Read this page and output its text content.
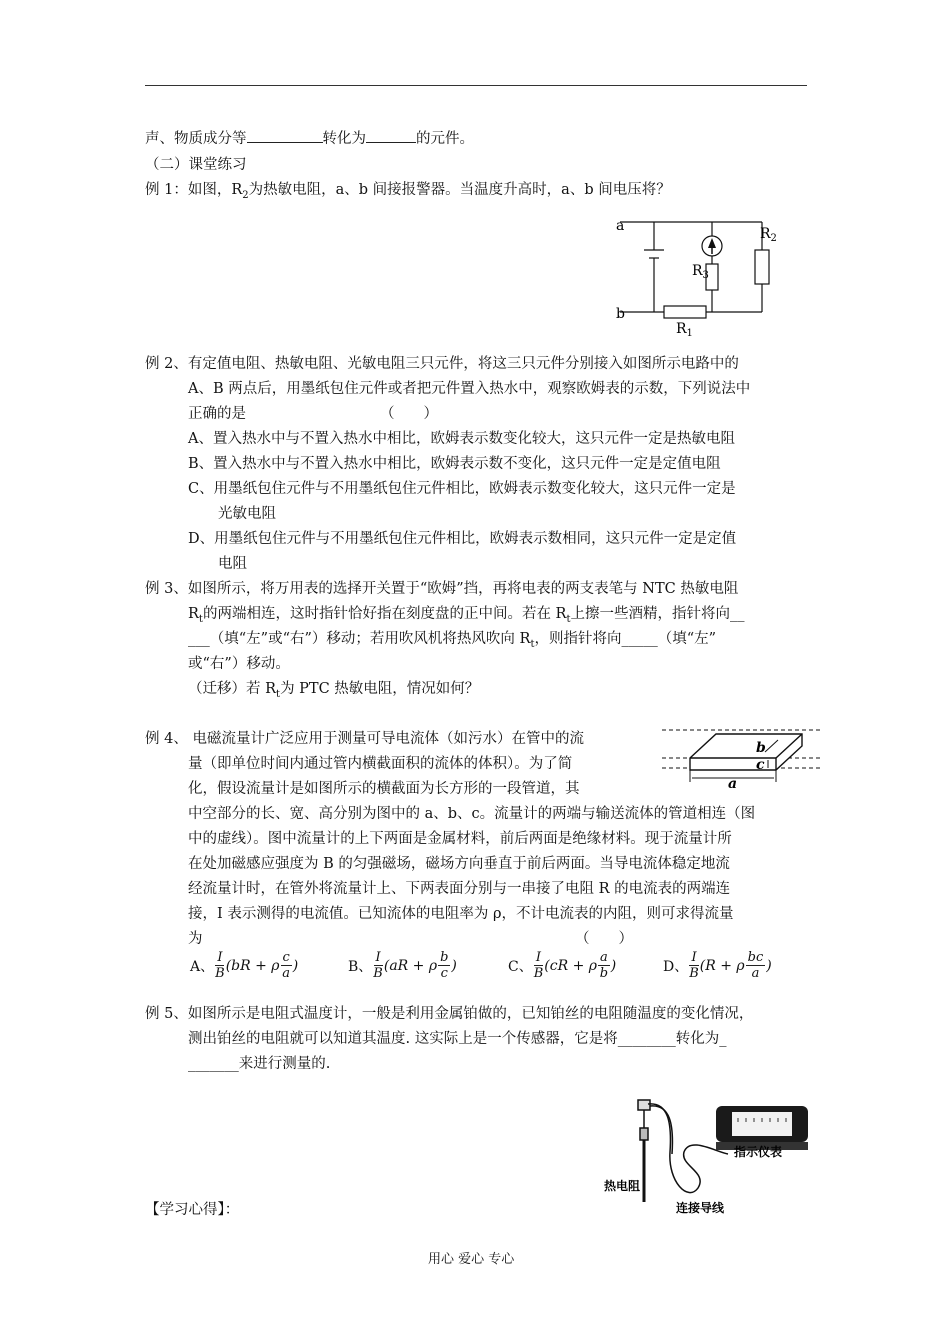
声、物质成分等	转化为	的元件。
（二）课堂练习
例 1：如图，$R_2$为热敏电阻，a、b 间接报警器。当温度升高时，a、b 间电压将？
a
b
$R_2$
$R_3$
$R_1$
例 2、有定值电阻、热敏电阻、光敏电阻三只元件，将这三只元件分别接入如图所示电路中的
A、B 两点后，用墨纸包住元件或者把元件置入热水中，观察欧姆表的示数，下列说法中
正确的是	（　　）
A、置入热水中与不置入热水中相比，欧姆表示数变化较大，这只元件一定是热敏电阻
B、置入热水中与不置入热水中相比，欧姆表示数不变化，这只元件一定是定值电阻
C、用墨纸包住元件与不用墨纸包住元件相比，欧姆表示数变化较大，这只元件一定是
光敏电阻
D、用墨纸包住元件与不用墨纸包住元件相比，欧姆表示数相同，这只元件一定是定值
电阻
例 3、如图所示，将万用表的选择开关置于“欧姆”挡，再将电表的两支表笔与 NTC 热敏电阻
$R_t$的两端相连，这时指针恰好指在刻度盘的正中间。若在 $R_t$上擦一些酒精，指针将向__
___（填“左”或“右”）移动；若用吹风机将热风吹向 $R_t$，则指针将向_____（填“左”
或“右”）移动。
（迁移）若 $R_t$为 PTC 热敏电阻，情况如何？
例 4、 电磁流量计广泛应用于测量可导电流体（如污水）在管中的流
量（即单位时间内通过管内横截面积的流体的体积）。为了简
化，假设流量计是如图所示的横截面为长方形的一段管道，其
中空部分的长、宽、高分别为图中的 a、b、c。流量计的两端与输送流体的管道相连（图
中的虚线）。图中流量计的上下两面是金属材料，前后两面是绝缘材料。现于流量计所
在处加磁感应强度为 B 的匀强磁场，磁场方向垂直于前后两面。当导电流体稳定地流
经流量计时，在管外将流量计上、下两表面分别与一串接了电阻 R 的电流表的两端连
接，I 表示测得的电流值。已知流体的电阻率为 ρ，不计电流表的内阻，则可求得流量
为	（　　）
b
c
a
A、 $\frac{I}{B} (bR + \rho \frac{c}{a}$ )	B、 $\frac{I}{B} (aR + \rho \frac{b}{c}$ )	C、 $\frac{I}{B} (cR + \rho \frac{a}{b}$ )	D、 $\frac{I}{B} (R + \rho \frac{bc}{a}$ )
例 5、如图所示是电阻式温度计，一般是利用金属铂做的，已知铂丝的电阻随温度的变化情况，
测出铂丝的电阻就可以知道其温度. 这实际上是一个传感器，它是将________转化为_
_______来进行测量的.
指示仪表
热电阻
连接导线
【学习心得】：
用心 爱心 专心
